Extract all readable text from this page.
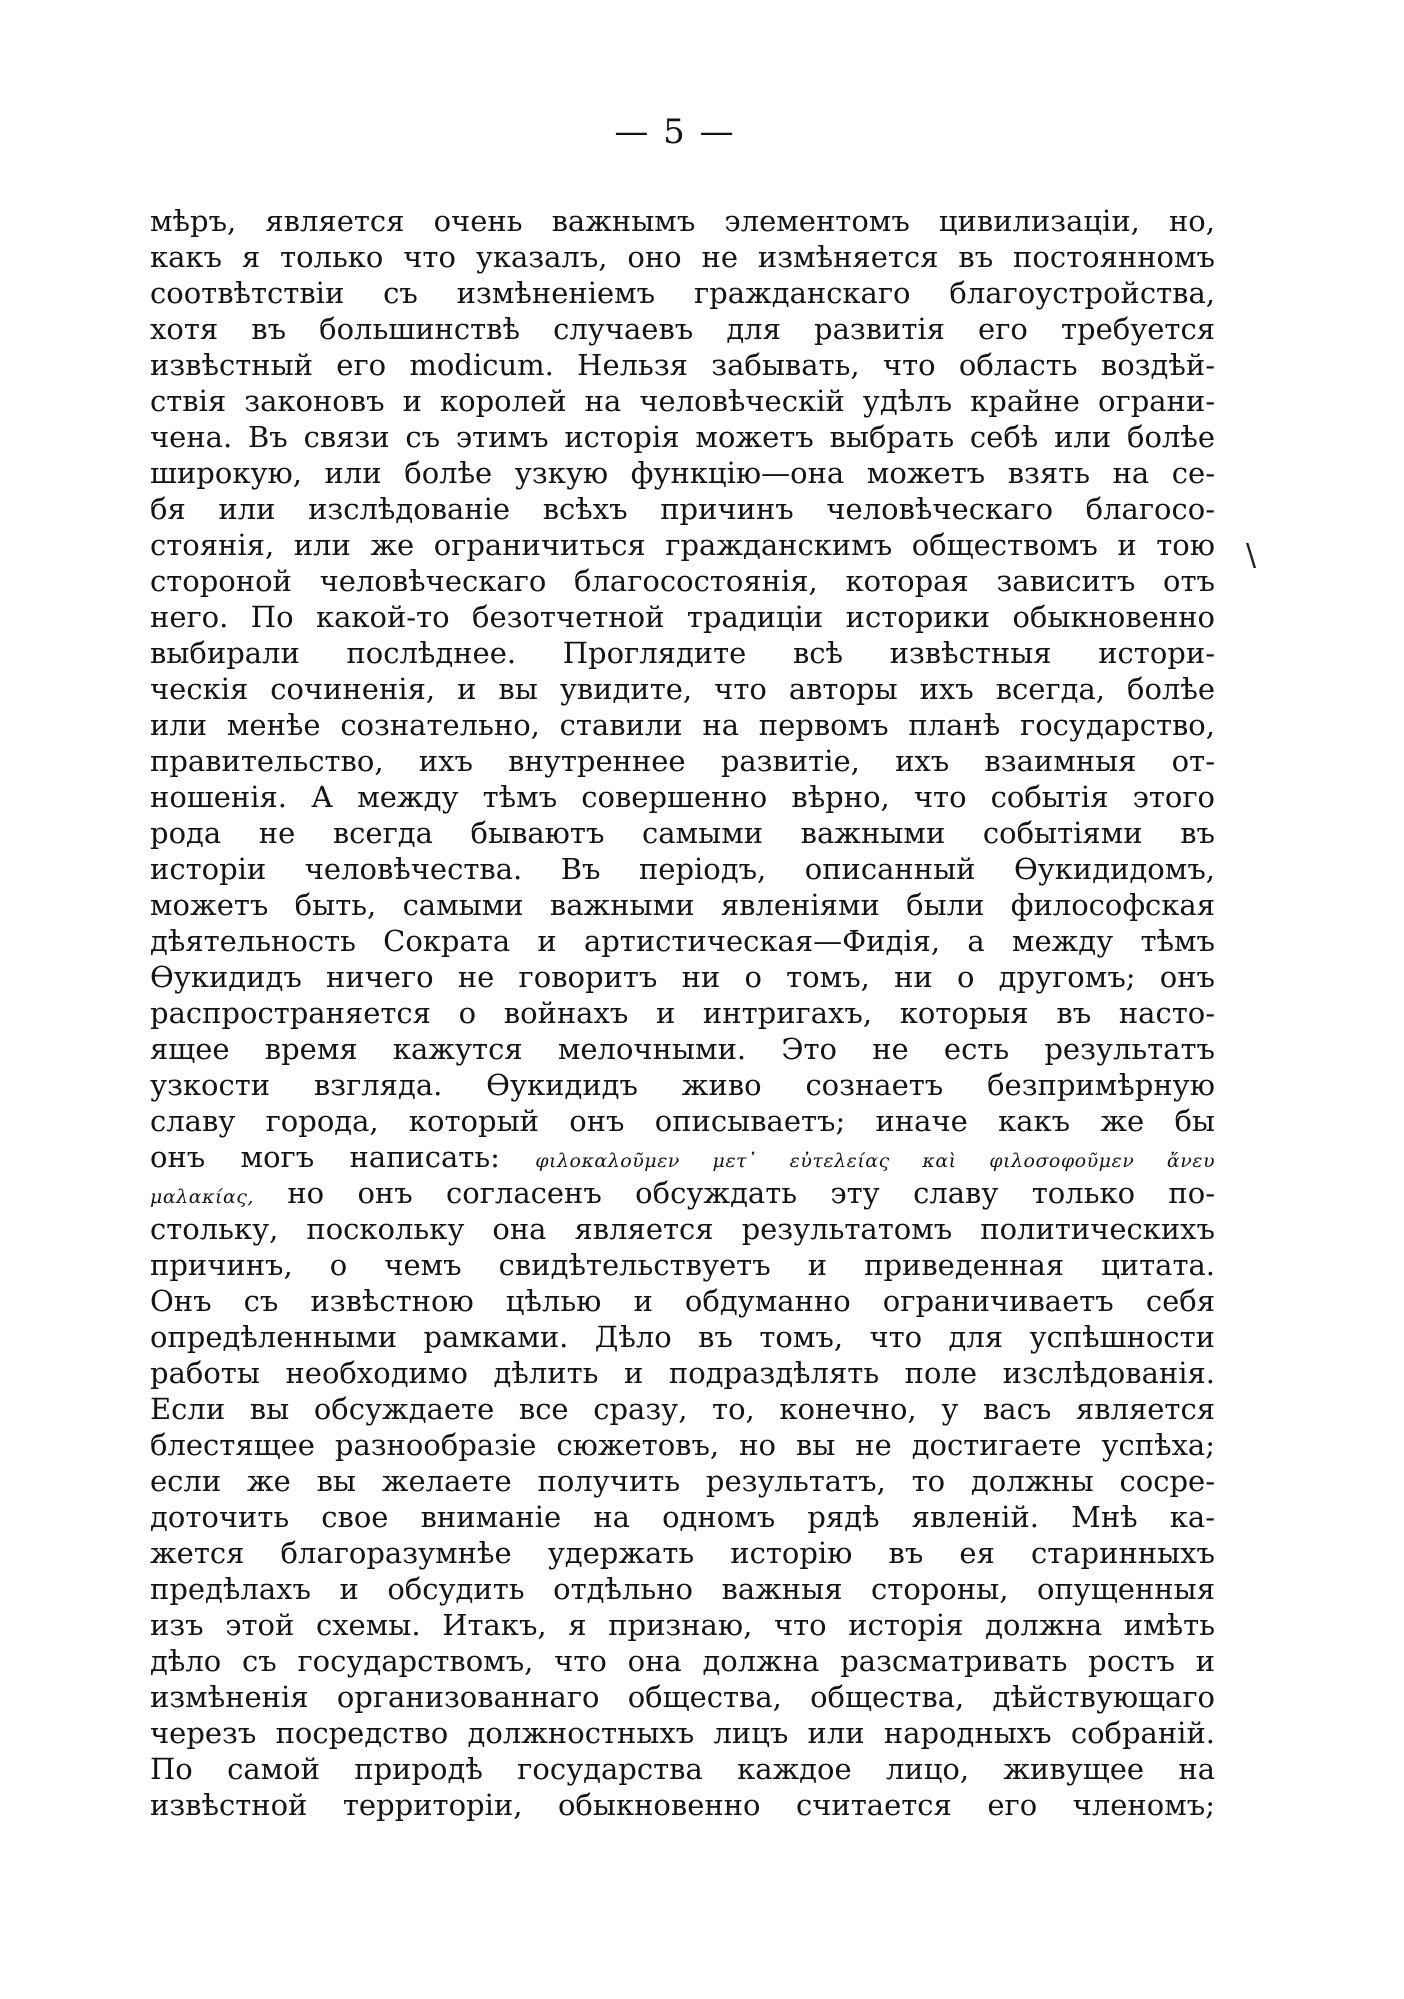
— 5 —
\
мѣръ, является очень важнымъ элементомъ цивилизаціи, но,
какъ я только что указалъ, оно не измѣняется въ постоянномъ
соотвѣтствіи съ измѣненіемъ гражданскаго благоустройства,
хотя въ большинствѣ случаевъ для развитія его требуется
извѣстный его modicum. Нельзя забывать, что область воздѣй-
ствія законовъ и королей на человѣческій удѣлъ крайне ограни-
чена. Въ связи съ этимъ исторія можетъ выбрать себѣ или болѣе
широкую, или болѣе узкую функцію—она можетъ взять на се-
бя или изслѣдованіе всѣхъ причинъ человѣческаго благосо-
стоянія, или же ограничиться гражданскимъ обществомъ и тою
стороной человѣческаго благосостоянія, которая зависитъ отъ
него. По какой-то безотчетной традиціи историки обыкновенно
выбирали послѣднее. Проглядите всѣ извѣстныя истори-
ческія сочиненія, и вы увидите, что авторы ихъ всегда, болѣе
или менѣе сознательно, ставили на первомъ планѣ государство,
правительство, ихъ внутреннее развитіе, ихъ взаимныя от-
ношенія. А между тѣмъ совершенно вѣрно, что событія этого
рода не всегда бываютъ самыми важными событіями въ
исторіи человѣчества. Въ періодъ, описанный Ѳукидидомъ,
можетъ быть, самыми важными явленіями были философская
дѣятельность Сократа и артистическая—Фидія, а между тѣмъ
Ѳукидидъ ничего не говоритъ ни о томъ, ни о другомъ; онъ
распространяется о войнахъ и интригахъ, которыя въ насто-
ящее время кажутся мелочными. Это не есть результатъ
узкости взгляда. Ѳукидидъ живо сознаетъ безпримѣрную
славу города, который онъ описываетъ; иначе какъ же бы
онъ могъ написать: φιλοκαλοῦμεν μετ᾽ εὐτελείας καὶ φιλοσοφοῦμεν ἄνευ
μαλακίας, но онъ согласенъ обсуждать эту славу только по-
стольку, поскольку она является результатомъ политическихъ
причинъ, о чемъ свидѣтельствуетъ и приведенная цитата.
Онъ съ извѣстною цѣлью и обдуманно ограничиваетъ себя
опредѣленными рамками. Дѣло въ томъ, что для успѣшности
работы необходимо дѣлить и подраздѣлять поле изслѣдованія.
Если вы обсуждаете все сразу, то, конечно, у васъ является
блестящее разнообразіе сюжетовъ, но вы не достигаете успѣха;
если же вы желаете получить результатъ, то должны сосре-
доточить свое вниманіе на одномъ рядѣ явленій. Мнѣ ка-
жется благоразумнѣе удержать исторію въ ея старинныхъ
предѣлахъ и обсудить отдѣльно важныя стороны, опущенныя
изъ этой схемы. Итакъ, я признаю, что исторія должна имѣть
дѣло съ государствомъ, что она должна разсматривать ростъ и
измѣненія организованнаго общества, общества, дѣйствующаго
черезъ посредство должностныхъ лицъ или народныхъ собраній.
По самой природѣ государства каждое лицо, живущее на
извѣстной территоріи, обыкновенно считается его членомъ;
